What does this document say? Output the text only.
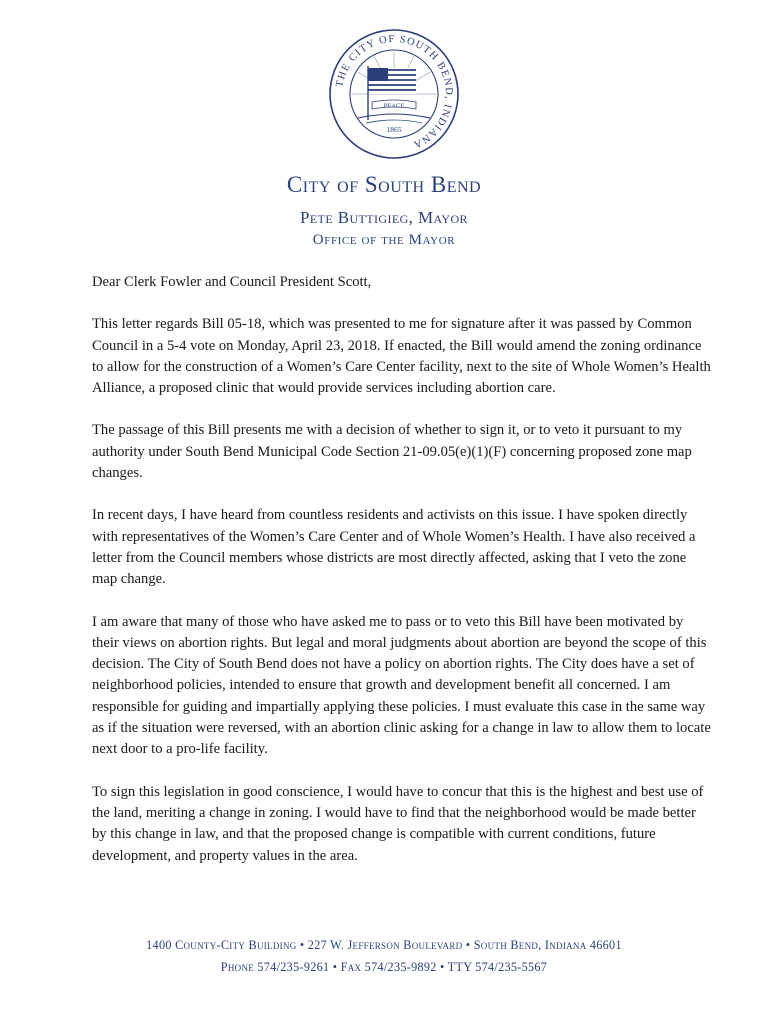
THE CITY OF SOUTH BEND, INDIANA
PEACE
1865
City of South Bend
Pete Buttigieg, Mayor
Office of the Mayor

Dear Clerk Fowler and Council President Scott,

This letter regards Bill 05-18, which was presented to me for signature after it was passed by Common Council in a 5-4 vote on Monday, April 23, 2018. If enacted, the Bill would amend the zoning ordinance to allow for the construction of a Women’s Care Center facility, next to the site of Whole Women’s Health Alliance, a proposed clinic that would provide services including abortion care.

The passage of this Bill presents me with a decision of whether to sign it, or to veto it pursuant to my authority under South Bend Municipal Code Section 21-09.05(e)(1)(F) concerning proposed zone map changes.

In recent days, I have heard from countless residents and activists on this issue. I have spoken directly with representatives of the Women’s Care Center and of Whole Women’s Health. I have also received a letter from the Council members whose districts are most directly affected, asking that I veto the zone map change.

I am aware that many of those who have asked me to pass or to veto this Bill have been motivated by their views on abortion rights. But legal and moral judgments about abortion are beyond the scope of this decision. The City of South Bend does not have a policy on abortion rights. The City does have a set of neighborhood policies, intended to ensure that growth and development benefit all concerned. I am responsible for guiding and impartially applying these policies. I must evaluate this case in the same way as if the situation were reversed, with an abortion clinic asking for a change in law to allow them to locate next door to a pro-life facility.

To sign this legislation in good conscience, I would have to concur that this is the highest and best use of the land, meriting a change in zoning. I would have to find that the neighborhood would be made better by this change in law, and that the proposed change is compatible with current conditions, future development, and property values in the area.

1400 County-City Building • 227 W. Jefferson Boulevard • South Bend, Indiana 46601
Phone 574/235-9261 • Fax 574/235-9892 • TTY 574/235-5567
